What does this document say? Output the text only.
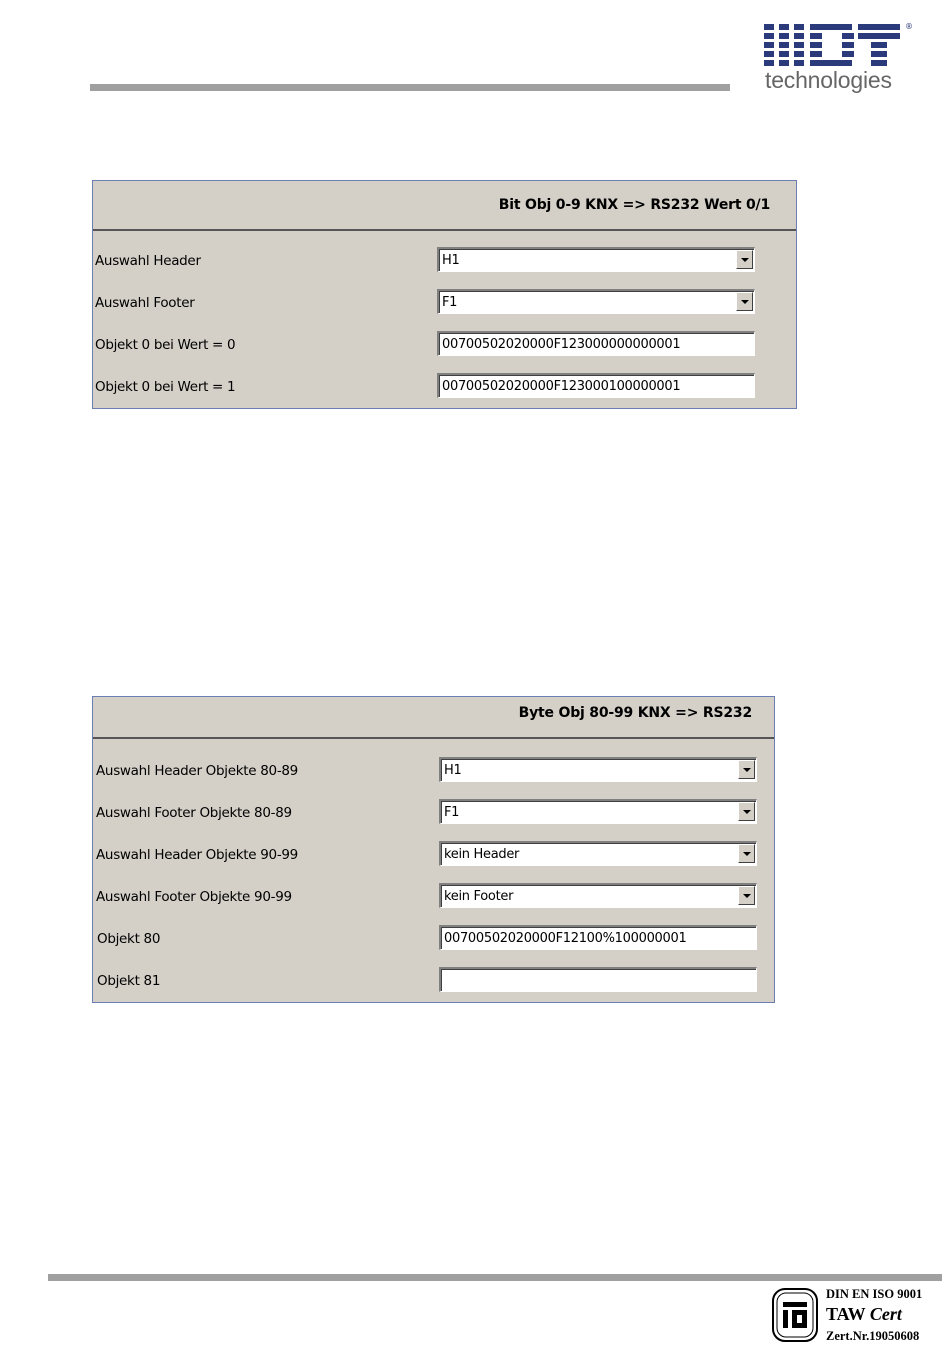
®
technologies
Bit Obj 0-9 KNX => RS232 Wert 0/1
Auswahl Header	H1
Auswahl Footer	F1
Objekt 0 bei Wert = 0	00700502020000F123000000000001
Objekt 0 bei Wert = 1	00700502020000F123000100000001
Byte Obj 80-99 KNX => RS232
Auswahl Header Objekte 80-89	H1
Auswahl Footer Objekte 80-89	F1
Auswahl Header Objekte 90-99	kein Header
Auswahl Footer Objekte 90-99	kein Footer
Objekt 80	00700502020000F12100%100000001
Objekt 81
DIN EN ISO 9001
TAW Cert
Zert.Nr.19050608
